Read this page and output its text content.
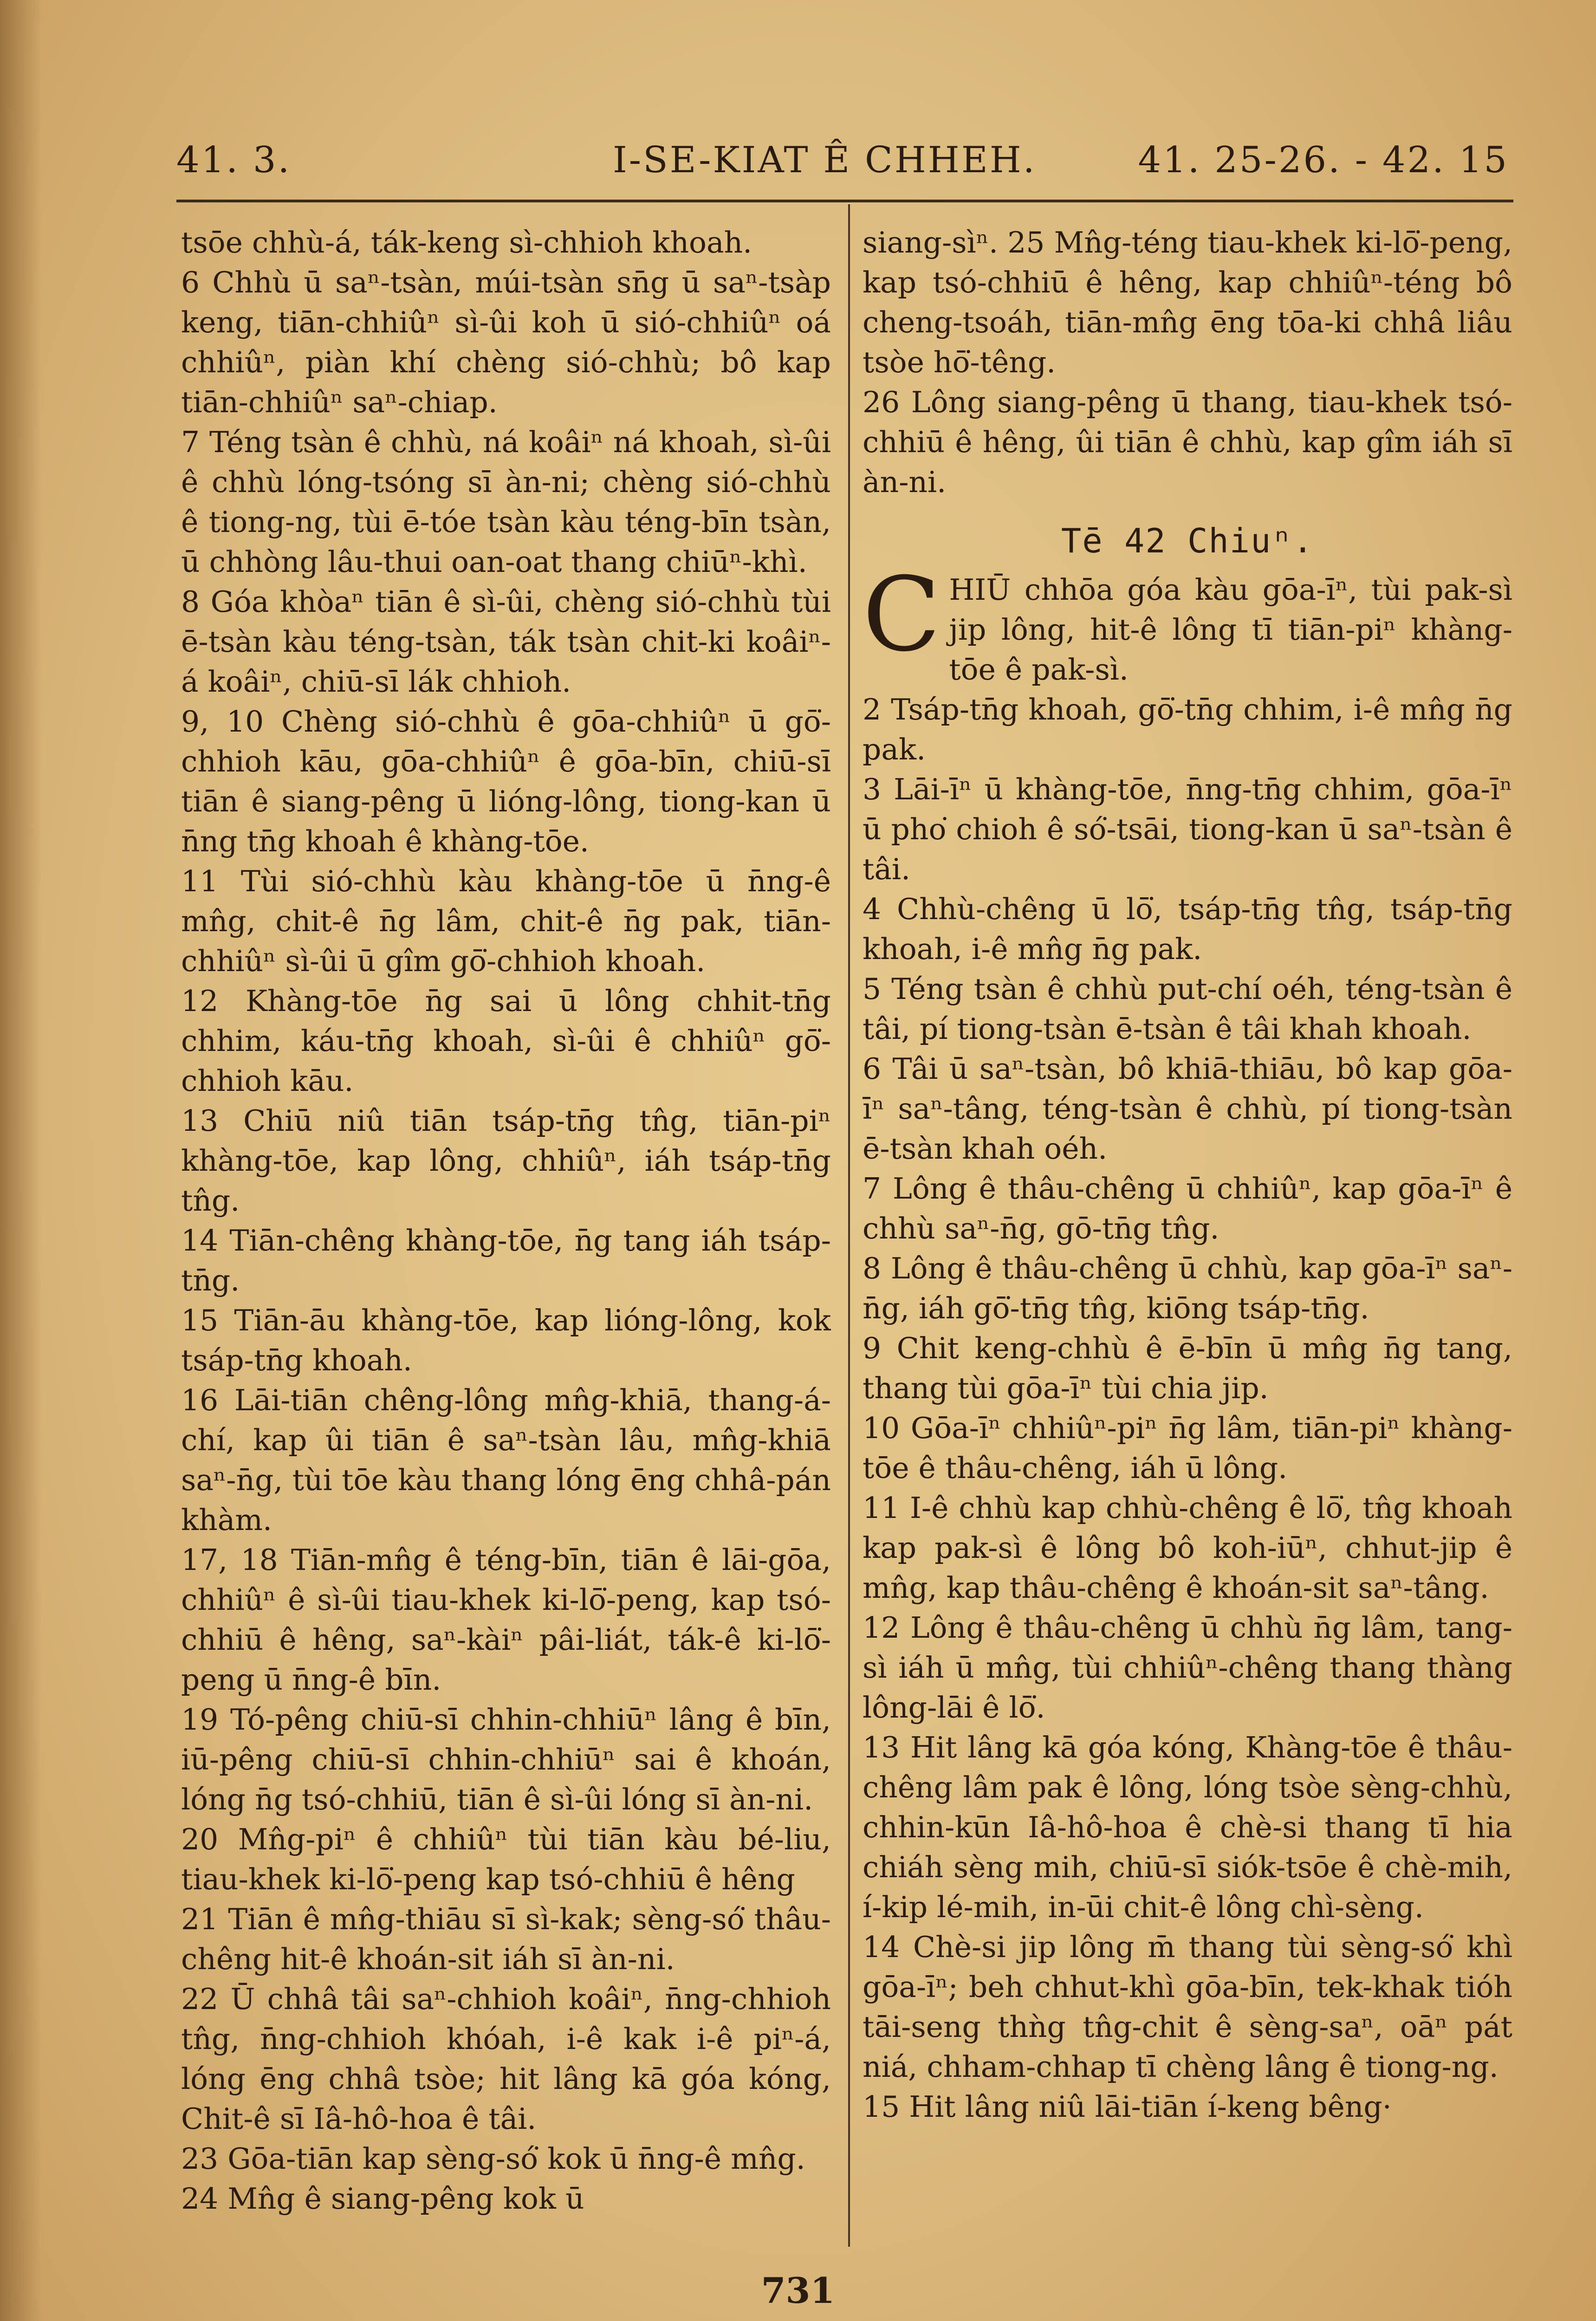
41. 3.	I-SE-KIAT Ê CHHEH.	41. 25-26. - 42. 15

tsōe chhù-á, ták-keng sì-chhioh khoah.

6 Chhù ū saⁿ-tsàn, múi-tsàn sn̄g ū saⁿ-tsàp keng, tiān-chhiûⁿ sì-ûi koh ū sió-chhiûⁿ oá chhiûⁿ, piàn khí chèng sió-chhù; bô kap tiān-chhiûⁿ saⁿ-chiap.

7 Téng tsàn ê chhù, ná koâiⁿ ná khoah, sì-ûi ê chhù lóng-tsóng sī àn-ni; chèng sió-chhù ê tiong-ng, tùi ē-tóe tsàn kàu téng-bīn tsàn, ū chhòng lâu-thui oan-oat thang chiūⁿ-khì.

8 Góa khòaⁿ tiān ê sì-ûi, chèng sió-chhù tùi ē-tsàn kàu téng-tsàn, ták tsàn chit-ki koâiⁿ-á koâiⁿ, chiū-sī lák chhioh.

9, 10 Chèng sió-chhù ê gōa-chhiûⁿ ū gō͘-chhioh kāu, gōa-chhiûⁿ ê gōa-bīn, chiū-sī tiān ê siang-pêng ū lióng-lông, tiong-kan ū n̄ng tn̄g khoah ê khàng-tōe.

11 Tùi sió-chhù kàu khàng-tōe ū n̄ng-ê mn̂g, chit-ê n̄g lâm, chit-ê n̄g pak, tiān-chhiûⁿ sì-ûi ū gîm gō͘-chhioh khoah.

12 Khàng-tōe n̄g sai ū lông chhit-tn̄g chhim, káu-tn̄g khoah, sì-ûi ê chhiûⁿ gō͘-chhioh kāu.

13 Chiū niû tiān tsáp-tn̄g tn̂g, tiān-piⁿ khàng-tōe, kap lông, chhiûⁿ, iáh tsáp-tn̄g tn̂g.

14 Tiān-chêng khàng-tōe, n̄g tang iáh tsáp-tn̄g.

15 Tiān-āu khàng-tōe, kap lióng-lông, kok tsáp-tn̄g khoah.

16 Lāi-tiān chêng-lông mn̂g-khiā, thang-á-chí, kap ûi tiān ê saⁿ-tsàn lâu, mn̂g-khiā saⁿ-n̄g, tùi tōe kàu thang lóng ēng chhâ-pán khàm.

17, 18 Tiān-mn̂g ê téng-bīn, tiān ê lāi-gōa, chhiûⁿ ê sì-ûi tiau-khek ki-lō͘-peng, kap tsó-chhiū ê hêng, saⁿ-kàiⁿ pâi-liát, ták-ê ki-lō͘-peng ū n̄ng-ê bīn.

19 Tó-pêng chiū-sī chhin-chhiūⁿ lâng ê bīn, iū-pêng chiū-sī chhin-chhiūⁿ sai ê khoán, lóng n̄g tsó-chhiū, tiān ê sì-ûi lóng sī àn-ni.

20 Mn̂g-piⁿ ê chhiûⁿ tùi tiān kàu bé-liu, tiau-khek ki-lō͘-peng kap tsó-chhiū ê hêng

21 Tiān ê mn̂g-thiāu sī sì-kak; sèng-só͘ thâu-chêng hit-ê khoán-sit iáh sī àn-ni.

22 Ū chhâ tâi saⁿ-chhioh koâiⁿ, n̄ng-chhioh tn̂g, n̄ng-chhioh khóah, i-ê kak i-ê piⁿ-á, lóng ēng chhâ tsòe; hit lâng kā góa kóng, Chit-ê sī Iâ-hô-hoa ê tâi.

23 Gōa-tiān kap sèng-só͘ kok ū n̄ng-ê mn̂g.

24 Mn̂g ê siang-pêng kok ū

siang-sìⁿ. 25 Mn̂g-téng tiau-khek ki-lō͘-peng, kap tsó-chhiū ê hêng, kap chhiûⁿ-téng bô cheng-tsoáh, tiān-mn̂g ēng tōa-ki chhâ liâu tsòe hō͘-têng.

26 Lông siang-pêng ū thang, tiau-khek tsó-chhiū ê hêng, ûi tiān ê chhù, kap gîm iáh sī àn-ni.

Tē 42 Chiuⁿ.

CHIŪ chhōa góa kàu gōa-īⁿ, tùi pak-sì jip lông, hit-ê lông tī tiān-piⁿ khàng-tōe ê pak-sì.

2 Tsáp-tn̄g khoah, gō͘-tn̄g chhim, i-ê mn̂g n̄g pak.

3 Lāi-īⁿ ū khàng-tōe, n̄ng-tn̄g chhim, gōa-īⁿ ū pho͘ chioh ê só͘-tsāi, tiong-kan ū saⁿ-tsàn ê tâi.

4 Chhù-chêng ū lō͘, tsáp-tn̄g tn̂g, tsáp-tn̄g khoah, i-ê mn̂g n̄g pak.

5 Téng tsàn ê chhù put-chí oéh, téng-tsàn ê tâi, pí tiong-tsàn ē-tsàn ê tâi khah khoah.

6 Tâi ū saⁿ-tsàn, bô khiā-thiāu, bô kap gōa-īⁿ saⁿ-tâng, téng-tsàn ê chhù, pí tiong-tsàn ē-tsàn khah oéh.

7 Lông ê thâu-chêng ū chhiûⁿ, kap gōa-īⁿ ê chhù saⁿ-n̄g, gō-tn̄g tn̂g.

8 Lông ê thâu-chêng ū chhù, kap gōa-īⁿ saⁿ-n̄g, iáh gō͘-tn̄g tn̂g, kiōng tsáp-tn̄g.

9 Chit keng-chhù ê ē-bīn ū mn̂g n̄g tang, thang tùi gōa-īⁿ tùi chia jip.

10 Gōa-īⁿ chhiûⁿ-piⁿ n̄g lâm, tiān-piⁿ khàng-tōe ê thâu-chêng, iáh ū lông.

11 I-ê chhù kap chhù-chêng ê lō͘, tn̂g khoah kap pak-sì ê lông bô koh-iūⁿ, chhut-jip ê mn̂g, kap thâu-chêng ê khoán-sit saⁿ-tâng.

12 Lông ê thâu-chêng ū chhù n̄g lâm, tang-sì iáh ū mn̂g, tùi chhiûⁿ-chêng thang thàng lông-lāi ê lō͘.

13 Hit lâng kā góa kóng, Khàng-tōe ê thâu-chêng lâm pak ê lông, lóng tsòe sèng-chhù, chhin-kūn Iâ-hô-hoa ê chè-si thang tī hia chiáh sèng mih, chiū-sī siók-tsōe ê chè-mih, í-kip lé-mih, in-ūi chit-ê lông chì-sèng.

14 Chè-si jip lông m̄ thang tùi sèng-só͘ khì gōa-īⁿ; beh chhut-khì gōa-bīn, tek-khak tióh tāi-seng thǹg tn̂g-chit ê sèng-saⁿ, oāⁿ pát niá, chham-chhap tī chèng lâng ê tiong-ng.

15 Hit lâng niû lāi-tiān í-keng bêng·

731
